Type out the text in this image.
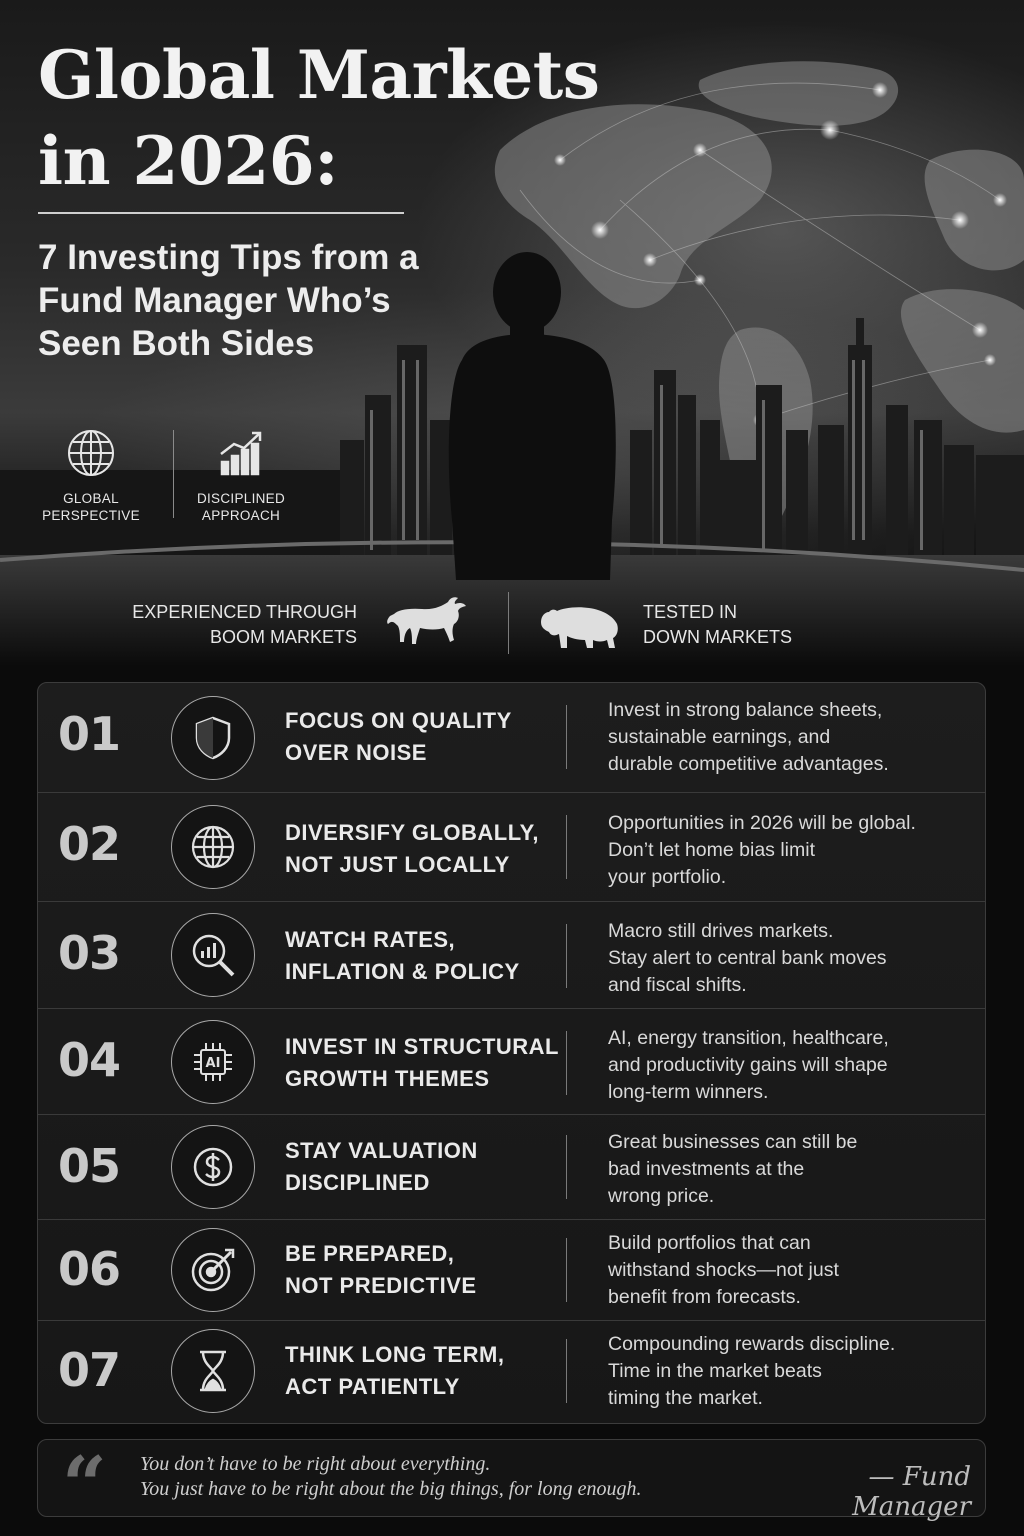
Global Markets in 2026:
7 Investing Tips from a Fund Manager Who’s Seen Both Sides
GLOBAL
PERSPECTIVE
DISCIPLINED
APPROACH
EXPERIENCED THROUGH
BOOM MARKETS
TESTED IN
DOWN MARKETS
01	FOCUS ON QUALITY
OVER NOISE
Invest in strong balance sheets,
sustainable earnings, and
durable competitive advantages.
02	DIVERSIFY GLOBALLY,
NOT JUST LOCALLY
Opportunities in 2026 will be global.
Don’t let home bias limit
your portfolio.
03	WATCH RATES,
INFLATION & POLICY
Macro still drives markets.
Stay alert to central bank moves
and fiscal shifts.
04	AI
INVEST IN STRUCTURAL
GROWTH THEMES
AI, energy transition, healthcare,
and productivity gains will shape
long-term winners.
05	STAY VALUATION
DISCIPLINED
Great businesses can still be
bad investments at the
wrong price.
06	BE PREPARED,
NOT PREDICTIVE
Build portfolios that can
withstand shocks—not just
benefit from forecasts.
07	THINK LONG TERM,
ACT PATIENTLY
Compounding rewards discipline.
Time in the market beats
timing the market.
“ You don’t have to be right about everything.
You just have to be right about the big things, for long enough.	— Fund Manager
